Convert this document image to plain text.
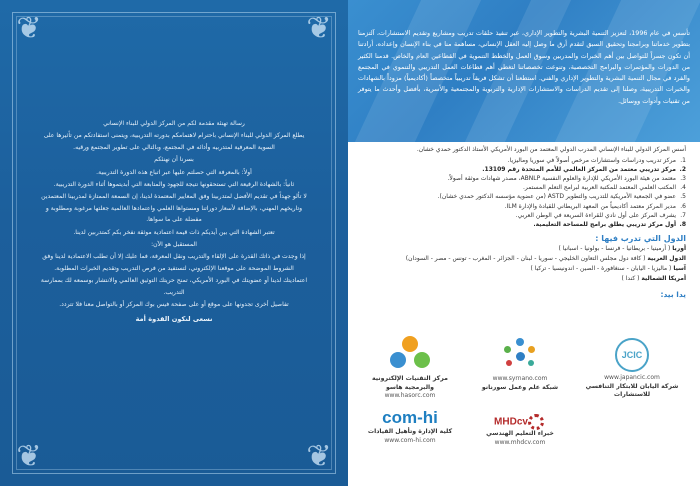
❦	❦
❦	❦

رسالة تهنئة مقدمة لكم من المركز الدولي للبناء الإنساني

يطلع المركز الدولي للبناء الإنساني باحترام لاهتمامكم بدورته التدريبية، ويتمنى استفادتكم من تأثيرها على السوية المعرفية لمتدربيه وأدائه في المجتمع، وبالتالي على تطوير المجتمع ورقيه.

بسرنا أن نهنئكم

أولاً: بالمعرفة التي حصلتم عليها عبر اتباع هذه الدورة التدريبية.

ثانياً: بالشهادة الرفيعة التي تستحقونها نتيجة للجهود والمتابعة التي أبديتموها أثناء الدورة التدريبية.

لا تألو جهداً في تقديم الأفضل لمتدربينا وفق المعايير المعتمدة لدينا، إن السمعة الممتازة لمدربينا المعتمدين وتاريخهم المهني، بالإضافة لأسعار دوراتنا ومستواها العلمي واعتمادها العالمية جعلتها مرغوبة ومطلوبة و مفضلة على ما سواها.

تعتبر الشهادة التي بين أيديكم ذات قيمة اعتمادية موثقة نفخر بكم كمتدربين لدينا.

المستقبل هو الآن:

إذا وجدت في ذاتك القدرة على الإلقاء والتدريب ونقل المعرفة، فما عليك إلا أن تطلب الاعتمادية لدينا وفق الشروط الموضحة على موقعنا الإلكتروني، لتستفيد من فرص التدريب وتقديم الخبرات المطلوبة.

اعتماديتك لدينا أو عضويتك في البورد الأمريكي، تمنح حريتك التوثيق العالمي والانتشار بوسمعه لك بممارسة التدريب.

تفاصيل أخرى تجدونها على موقع أو على صفحة فيس بوك المركز أو بالتواصل معنا فلا تتردد.

نسعى لنكون القدوة أمة

تأسس في عام 1996، لتعزيز التنمية البشرية والتطوير الإداري، عبر تنفيذ حلقات تدريب ومشاريع وتقديم الاستشارات، آلتزمنا بتطوير خدماتنا وبرامجنا وتحقيق السبق لتقدم أرق ما وصل إليه العقل الإنساني، مساهمة منا في بناء الإنسان وإعداده، أرادتنا أن تكون جسراً للتواصل بين أهم الخبرات والمدربين وسوق العمل والخطط التنموية في القطاعين العام والخاص. قدمنا الكثير من الدورات والمؤتمرات والبرامج التخصصية، وتنوعت تخصصاتنا لتغطي أهم قطاعات العمل التدريبي والتنموي في المجتمع والفرد في مجال التنمية البشرية والتطوير الإداري والفني. استطعنا أن تشكل فريقاً تدريبياً متخصصاً (أكاديمياً) مزوداً بالشهادات والخبرات التدريبية، وصلنا إلى تقديم الدراسات والاستشارات الإدارية والتربوية والمجتمعية والأسرية، بأفضل وأحدث ما يتوفر من تقنيات وأدوات ووسائل.
أسس المركز الدولي للبناء الإنساني المدرب الدولي المعتمد من البورد الأمريكي الأستاذ الدكتور حمدي خشان.
1.
مركز تدريب ودراسات واستشارات مرخص أصولاً في سوريا وماليزيا.
2.
مركز تدريبي معتمد من المركز العالمي للأمم المتحدة رقم 13109.
3.
معتمد من هيئة البورد الأمريكي للإدارة والعلوم النفسية ABNLP، مصدر شهادات موثقة أصولاً.
4.
المكتب العلمي المعتمد للمكتبة العربية لبرامج التعلم المستمر.
5.
عضو في الجمعية الأمريكية للتدريب والتطوير ASTD (من عضوية مؤسسه الدكتور حمدي خشان).
6.
مدير المركز معتمد أكاديمياً من المعهد البريطاني للقيادة والإدارة ILM.
7.
يشرف المركز على أول نادي للقراءة السريعة في الوطن العربي.
8.
أول مركز تدريبي يطلق برامج للمساحة التعليمية.
الدول التي تدرب فيها :
أوربا ( أرمينيا - بريطانيا - فرنسا - بولونيا - اسبانيا )
الدول العربية ( كافة دول مجلس التعاون الخليجي - سوريا - لبنان - الجزائر - المغرب - تونس - مصر - السودان)
آسيا ( ماليزيا - اليابان - سنغافورة - الصين - اندونيسيا - تركيا )
أمريكا الشمالية ( كندا )
يدا بيد:
JCIC
www.japancic.com
شركة اليابان للابتكار التنافسي للاستشارات
www.syrnano.com
شبكة علم وعمل سورنانو
مركز التقنيات الإلكترونية والبرمجية هاسو
www.hasorc.com
MHDcv
خبراء التعليم الهندسي
www.mhdcv.com
com-hi
كلية الإدارة وتأهيل القيادات
www.com-hi.com
